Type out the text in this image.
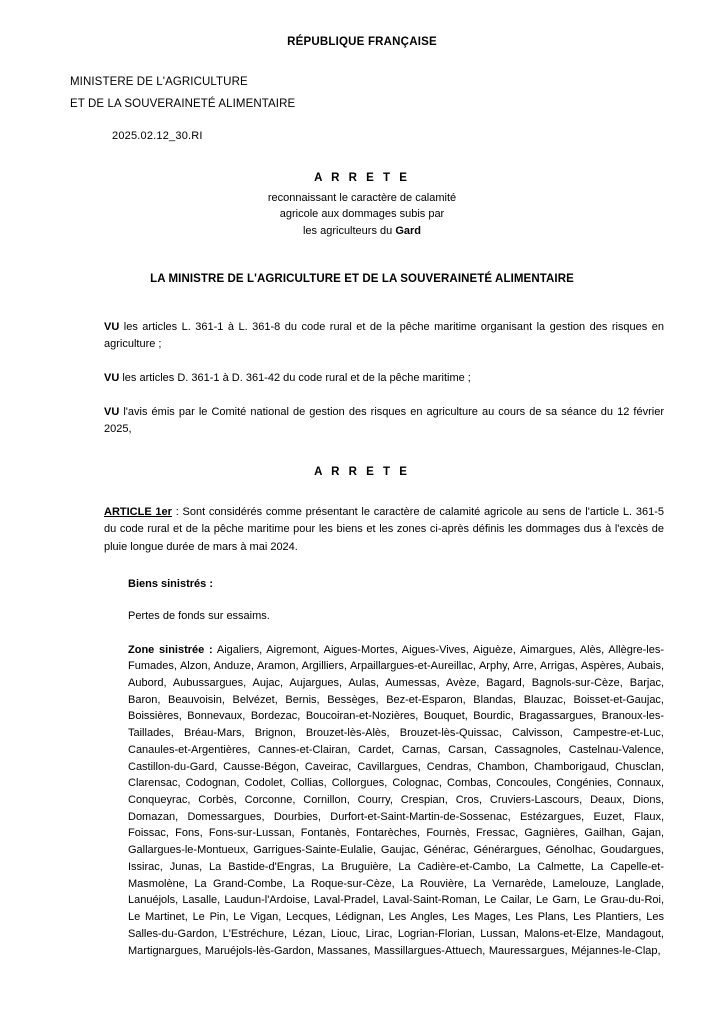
RÉPUBLIQUE FRANÇAISE
MINISTERE DE L'AGRICULTURE
ET DE LA SOUVERAINETÉ ALIMENTAIRE
2025.02.12_30.RI
A R R E T E
reconnaissant le caractère de calamité
agricole aux dommages subis par
les agriculteurs du Gard
LA MINISTRE DE L'AGRICULTURE ET DE LA SOUVERAINETÉ ALIMENTAIRE
VU les articles L. 361-1 à L. 361-8 du code rural et de la pêche maritime organisant la gestion des risques en agriculture ;
VU les articles D. 361-1 à D. 361-42 du code rural et de la pêche maritime ;
VU l'avis émis par le Comité national de gestion des risques en agriculture au cours de sa séance du 12 février 2025,
A R R E T E
ARTICLE 1er : Sont considérés comme présentant le caractère de calamité agricole au sens de l'article L. 361-5 du code rural et de la pêche maritime pour les biens et les zones ci-après définis les dommages dus à l'excès de pluie longue durée de mars à mai 2024.
Biens sinistrés :
Pertes de fonds sur essaims.
Zone sinistrée : Aigaliers, Aigremont, Aigues-Mortes, Aigues-Vives, Aiguèze, Aimargues, Alès, Allègre-les-Fumades, Alzon, Anduze, Aramon, Argilliers, Arpaillargues-et-Aureillac, Arphy, Arre, Arrigas, Aspères, Aubais, Aubord, Aubussargues, Aujac, Aujargues, Aulas, Aumessas, Avèze, Bagard, Bagnols-sur-Cèze, Barjac, Baron, Beauvoisin, Belvézet, Bernis, Bessèges, Bez-et-Esparon, Blandas, Blauzac, Boisset-et-Gaujac, Boissières, Bonnevaux, Bordezac, Boucoiran-et-Nozières, Bouquet, Bourdic, Bragassargues, Branoux-les-Taillades, Bréau-Mars, Brignon, Brouzet-lès-Alès, Brouzet-lès-Quissac, Calvisson, Campestre-et-Luc, Canaules-et-Argentières, Cannes-et-Clairan, Cardet, Carnas, Carsan, Cassagnoles, Castelnau-Valence, Castillon-du-Gard, Causse-Bégon, Caveirac, Cavillargues, Cendras, Chambon, Chamborigaud, Chusclan, Clarensac, Codognan, Codolet, Collias, Collorgues, Colognac, Combas, Concoules, Congénies, Connaux, Conqueyrac, Corbès, Corconne, Cornillon, Courry, Crespian, Cros, Cruviers-Lascours, Deaux, Dions, Domazan, Domessargues, Dourbies, Durfort-et-Saint-Martin-de-Sossenac, Estézargues, Euzet, Flaux, Foissac, Fons, Fons-sur-Lussan, Fontanès, Fontarèches, Fournès, Fressac, Gagnières, Gailhan, Gajan, Gallargues-le-Montueux, Garrigues-Sainte-Eulalie, Gaujac, Générac, Générargues, Génolhac, Goudargues, Issirac, Junas, La Bastide-d'Engras, La Bruguière, La Cadière-et-Cambo, La Calmette, La Capelle-et-Masmolène, La Grand-Combe, La Roque-sur-Cèze, La Rouvière, La Vernarède, Lamelouze, Langlade, Lanuéjols, Lasalle, Laudun-l'Ardoise, Laval-Pradel, Laval-Saint-Roman, Le Cailar, Le Garn, Le Grau-du-Roi, Le Martinet, Le Pin, Le Vigan, Lecques, Lédignan, Les Angles, Les Mages, Les Plans, Les Plantiers, Les Salles-du-Gardon, L'Estréchure, Lézan, Liouc, Lirac, Logrian-Florian, Lussan, Malons-et-Elze, Mandagout, Martignargues, Maruéjols-lès-Gardon, Massanes, Massillargues-Attuech, Mauressargues, Méjannes-le-Clap,
